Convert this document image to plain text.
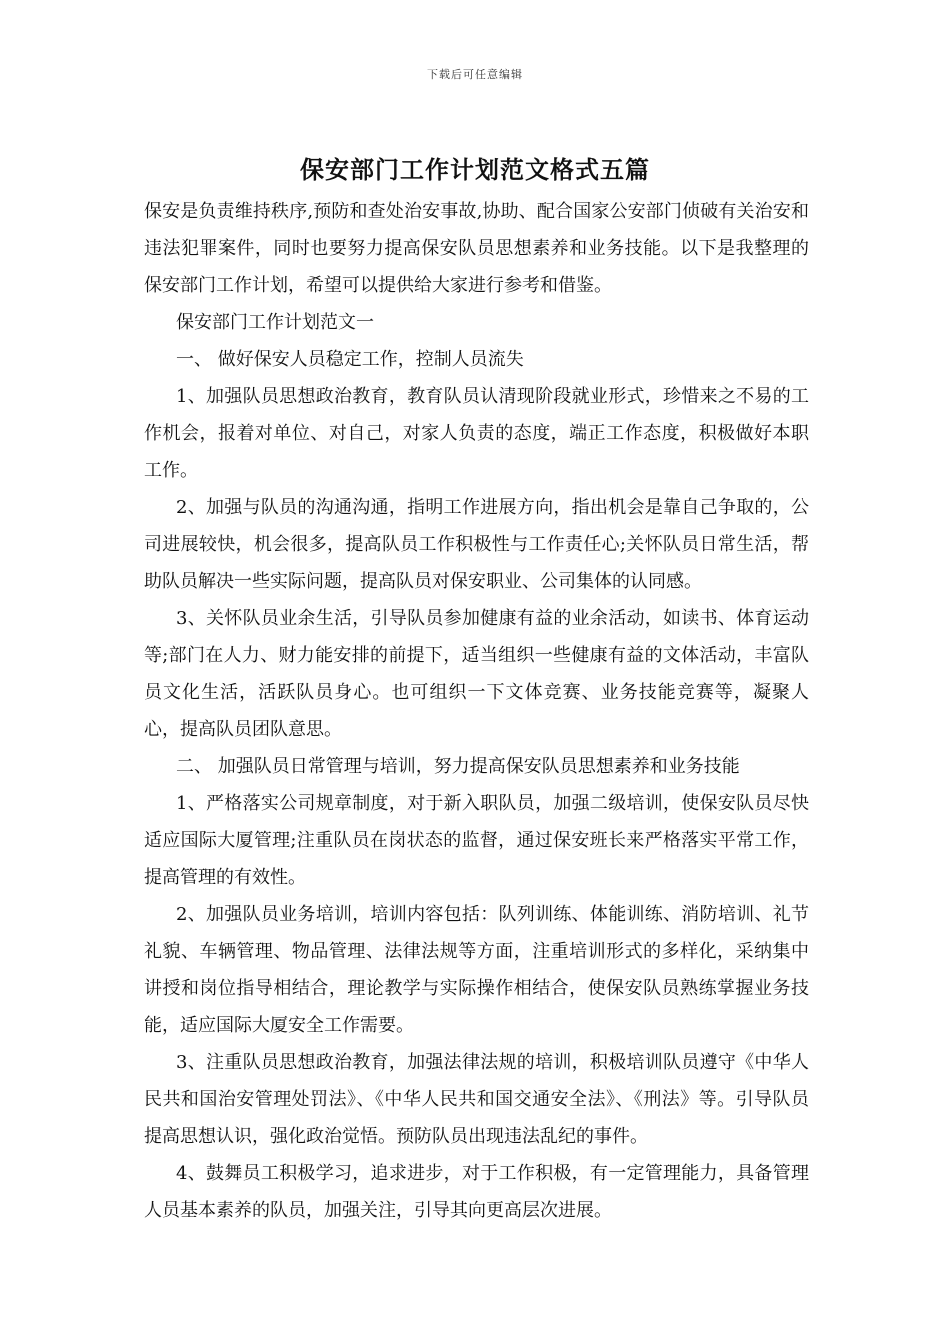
下载后可任意编辑
保安部门工作计划范文格式五篇

保安是负责维持秩序,预防和查处治安事故,协助、配合国家公安部门侦破有关治安和违法犯罪案件，同时也要努力提高保安队员思想素养和业务技能。以下是我整理的保安部门工作计划，希望可以提供给大家进行参考和借鉴。

保安部门工作计划范文一

一、 做好保安人员稳定工作，控制人员流失

1、加强队员思想政治教育，教育队员认清现阶段就业形式，珍惜来之不易的工作机会，报着对单位、对自己，对家人负责的态度，端正工作态度，积极做好本职工作。

2、加强与队员的沟通沟通，指明工作进展方向，指出机会是靠自己争取的，公司进展较快，机会很多，提高队员工作积极性与工作责任心;关怀队员日常生活，帮助队员解决一些实际问题，提高队员对保安职业、公司集体的认同感。

3、关怀队员业余生活，引导队员参加健康有益的业余活动，如读书、体育运动等;部门在人力、财力能安排的前提下，适当组织一些健康有益的文体活动，丰富队员文化生活，活跃队员身心。也可组织一下文体竞赛、业务技能竞赛等，凝聚人心，提高队员团队意思。

二、 加强队员日常管理与培训，努力提高保安队员思想素养和业务技能

1、严格落实公司规章制度，对于新入职队员，加强二级培训，使保安队员尽快适应国际大厦管理;注重队员在岗状态的监督，通过保安班长来严格落实平常工作，提高管理的有效性。

2、加强队员业务培训，培训内容包括：队列训练、体能训练、消防培训、礼节礼貌、车辆管理、物品管理、法律法规等方面，注重培训形式的多样化，采纳集中讲授和岗位指导相结合，理论教学与实际操作相结合，使保安队员熟练掌握业务技能，适应国际大厦安全工作需要。

3、注重队员思想政治教育，加强法律法规的培训，积极培训队员遵守《中华人民共和国治安管理处罚法》、《中华人民共和国交通安全法》、《刑法》等。引导队员提高思想认识，强化政治觉悟。预防队员出现违法乱纪的事件。

4、鼓舞员工积极学习，追求进步，对于工作积极，有一定管理能力，具备管理人员基本素养的队员，加强关注，引导其向更高层次进展。
